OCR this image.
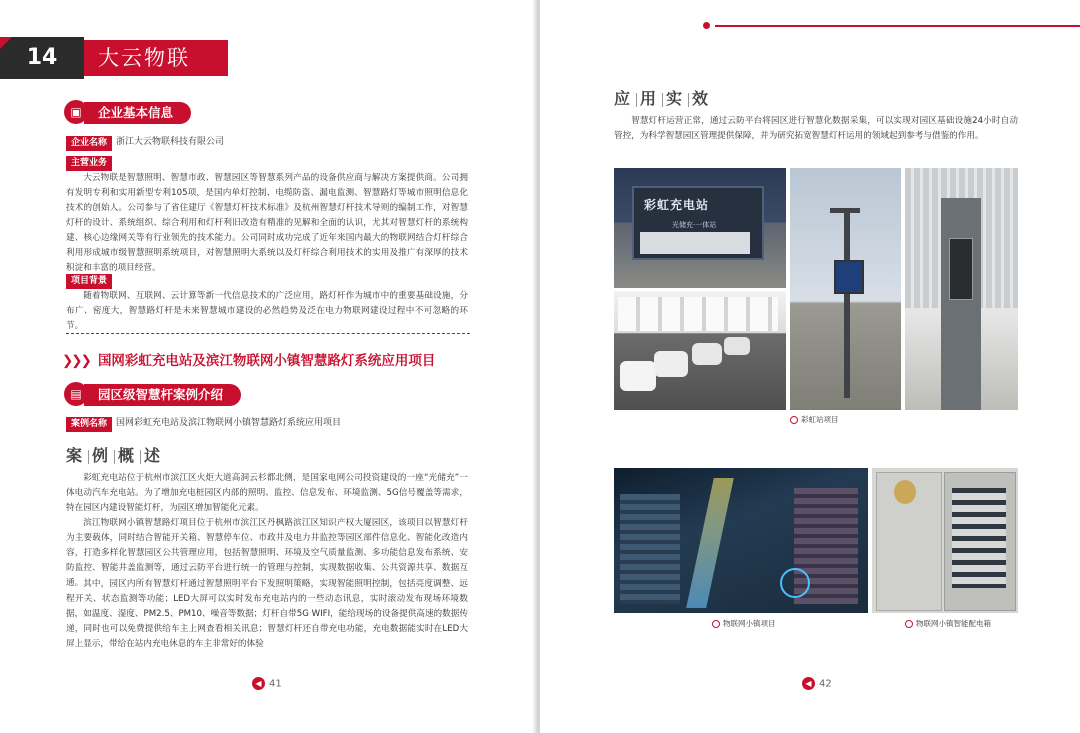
14	大云物联
企业基本信息
▣
企业名称 浙江大云物联科技有限公司
主营业务

大云物联是智慧照明、智慧市政、智慧园区等智慧系列产品的设备供应商与解决方案提供商。公司拥有发明专利和实用新型专利105项，是国内单灯控制、电缆防盗、漏电监测、智慧路灯等城市照明信息化技术的创始人。公司参与了省住建厅《智慧灯杆技术标准》及杭州智慧灯杆技术导则的编制工作，对智慧灯杆的设计、系统组织、综合利用和灯杆利旧改造有精准的见解和全面的认识，尤其对智慧灯杆的系统构建、核心边缘网关等有行业领先的技术能力。公司同时成功完成了近年来国内最大的物联网结合灯杆综合利用形成城市级智慧照明系统项目，对智慧照明大系统以及灯杆综合利用技术的实用及推广有深厚的技术积淀和丰富的项目经营。

项目背景

随着物联网、互联网、云计算等新一代信息技术的广泛应用，路灯杆作为城市中的重要基础设施，分布广、密度大，智慧路灯杆是未来智慧城市建设的必然趋势及泛在电力物联网建设过程中不可忽略的环节。

❯❯❯ 国网彩虹充电站及滨江物联网小镇智慧路灯系统应用项目
园区级智慧杆案例介绍
▤
案例名称 国网彩虹充电站及滨江物联网小镇智慧路灯系统应用项目
案 例 概 述

彩虹充电站位于杭州市滨江区火炬大道高洞云杉都北侧，是国家电网公司投资建设的一座“光储充”一体电动汽车充电站。为了增加充电桩园区内部的照明、监控、信息发布、环境监测、5G信号覆盖等需求，特在园区内建设智能灯杆，为园区增加智能化元素。

滨江物联网小镇智慧路灯项目位于杭州市滨江区丹枫路滨江区知识产权大厦园区，该项目以智慧灯杆为主要载体，同时结合智能开关箱、智慧停车位、市政井及电力井监控等园区部件信息化、智能化改造内容，打造多样化智慧园区公共管理应用，包括智慧照明、环境及空气质量监测、多功能信息发布系统、安防监控、智能井盖监测等，通过云防平台进行统一的管理与控制，实现数据收集、公共资源共享、数据互通。 其中，园区内所有智慧灯杆通过智慧照明平台下发照明策略，实现智能照明控制，包括亮度调整、远程开关、状态监测等功能；LED大屏可以实时发布充电站内的一些动态讯息，实时滚动发布现场环境数据，如温度、湿度、PM2.5、PM10、噪音等数据；灯杆自带5G WIFI，能给现场的设备提供高速的数据传递，同时也可以免费提供给车主上网查看相关讯息；智慧灯杆还自带充电功能，充电数据能实时在LED大屏上显示，带给在站内充电休息的车主非常好的体验

◀ 41
应 用 实 效

智慧灯杆运营正常，通过云防平台将园区进行智慧化数据采集，可以实现对园区基础设施24小时自动管控，为科学智慧园区管理提供保障，并为研究拓宽智慧灯杆运用的领域起到参考与借鉴的作用。

彩虹充电站
光储充·一体站
彩虹站项目
物联网小镇项目	物联网小镇智能配电箱
◀ 42
